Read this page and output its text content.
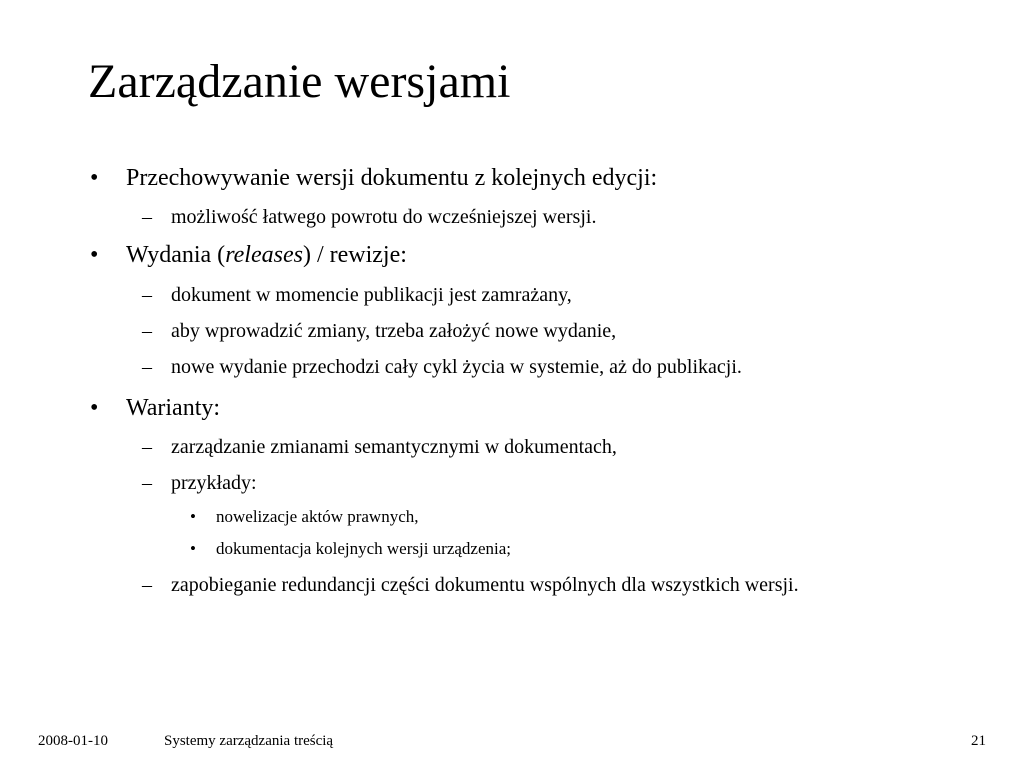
Zarządzanie wersjami
• Przechowywanie wersji dokumentu z kolejnych edycji:
– możliwość łatwego powrotu do wcześniejszej wersji.
• Wydania (releases) / rewizje:
– dokument w momencie publikacji jest zamrażany,
– aby wprowadzić zmiany, trzeba założyć nowe wydanie,
– nowe wydanie przechodzi cały cykl życia w systemie, aż do publikacji.
• Warianty:
– zarządzanie zmianami semantycznymi w dokumentach,
– przykłady:
• nowelizacje aktów prawnych,
• dokumentacja kolejnych wersji urządzenia;
– zapobieganie redundancji części dokumentu wspólnych dla wszystkich wersji.
2008-01-10	Systemy zarządzania treścią	21
